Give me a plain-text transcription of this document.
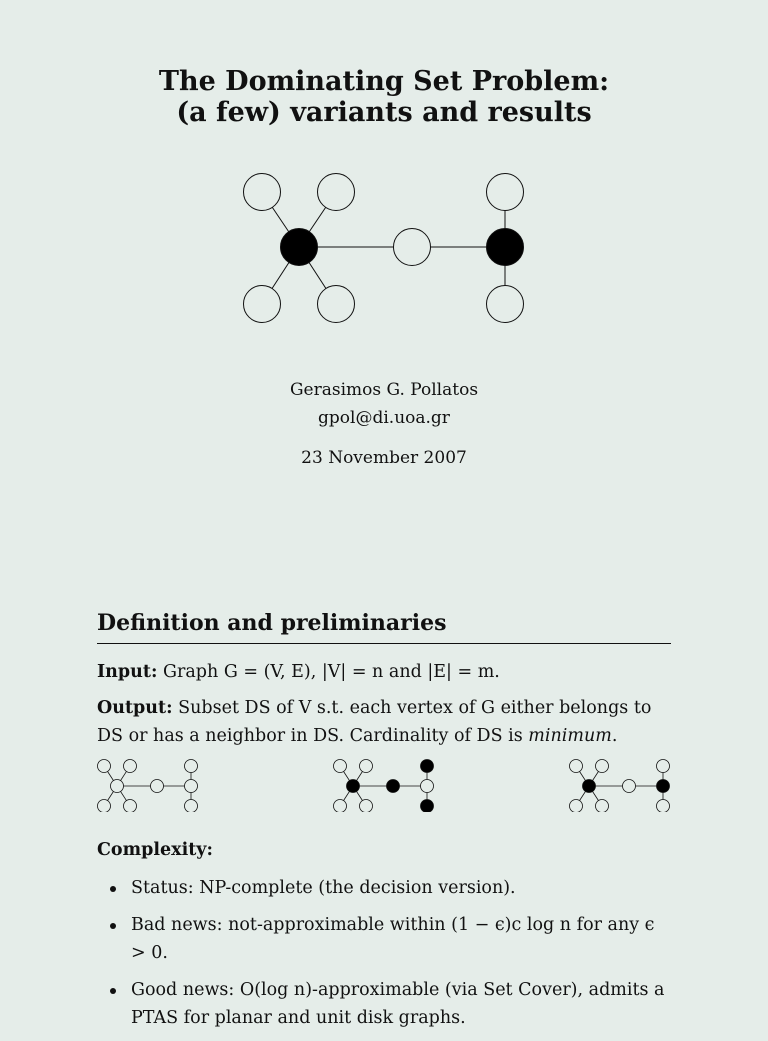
The Dominating Set Problem:
(a few) variants and results
Gerasimos G. Pollatos
gpol@di.uoa.gr
23 November 2007
Definition and preliminaries
Input: Graph G = (V, E), |V| = n and |E| = m.
Output: Subset DS of V s.t. each vertex of G either belongs to DS or has a neighbor in DS. Cardinality of DS is minimum.
Complexity:
Status: NP-complete (the decision version).
Bad news: not-approximable within (1 − ϵ)c log n for any ϵ > 0.
Good news: O(log n)-approximable (via Set Cover), admits a PTAS for planar and unit disk graphs.
